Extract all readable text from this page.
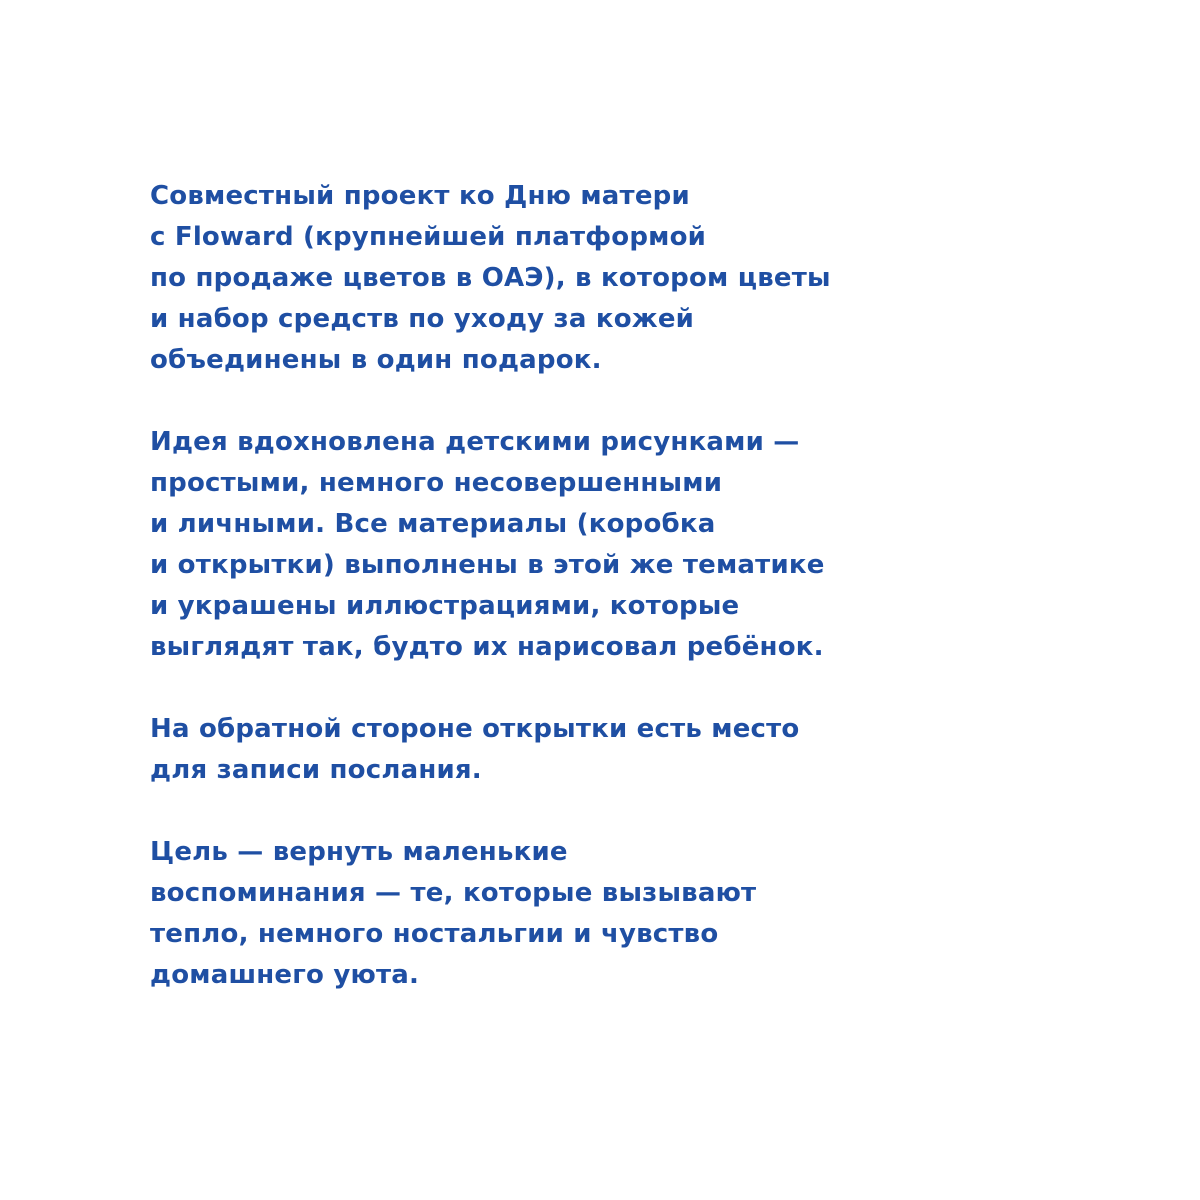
Совместный проект ко Дню матери
с Floward (крупнейшей платформой
по продаже цветов в ОАЭ), в котором цветы
и набор средств по уходу за кожей
объединены в один подарок.

Идея вдохновлена детскими рисунками —
простыми, немного несовершенными
и личными. Все материалы (коробка
и открытки) выполнены в этой же тематике
и украшены иллюстрациями, которые
выглядят так, будто их нарисовал ребёнок.

На обратной стороне открытки есть место
для записи послания.

Цель — вернуть маленькие
воспоминания — те, которые вызывают
тепло, немного ностальгии и чувство
домашнего уюта.
